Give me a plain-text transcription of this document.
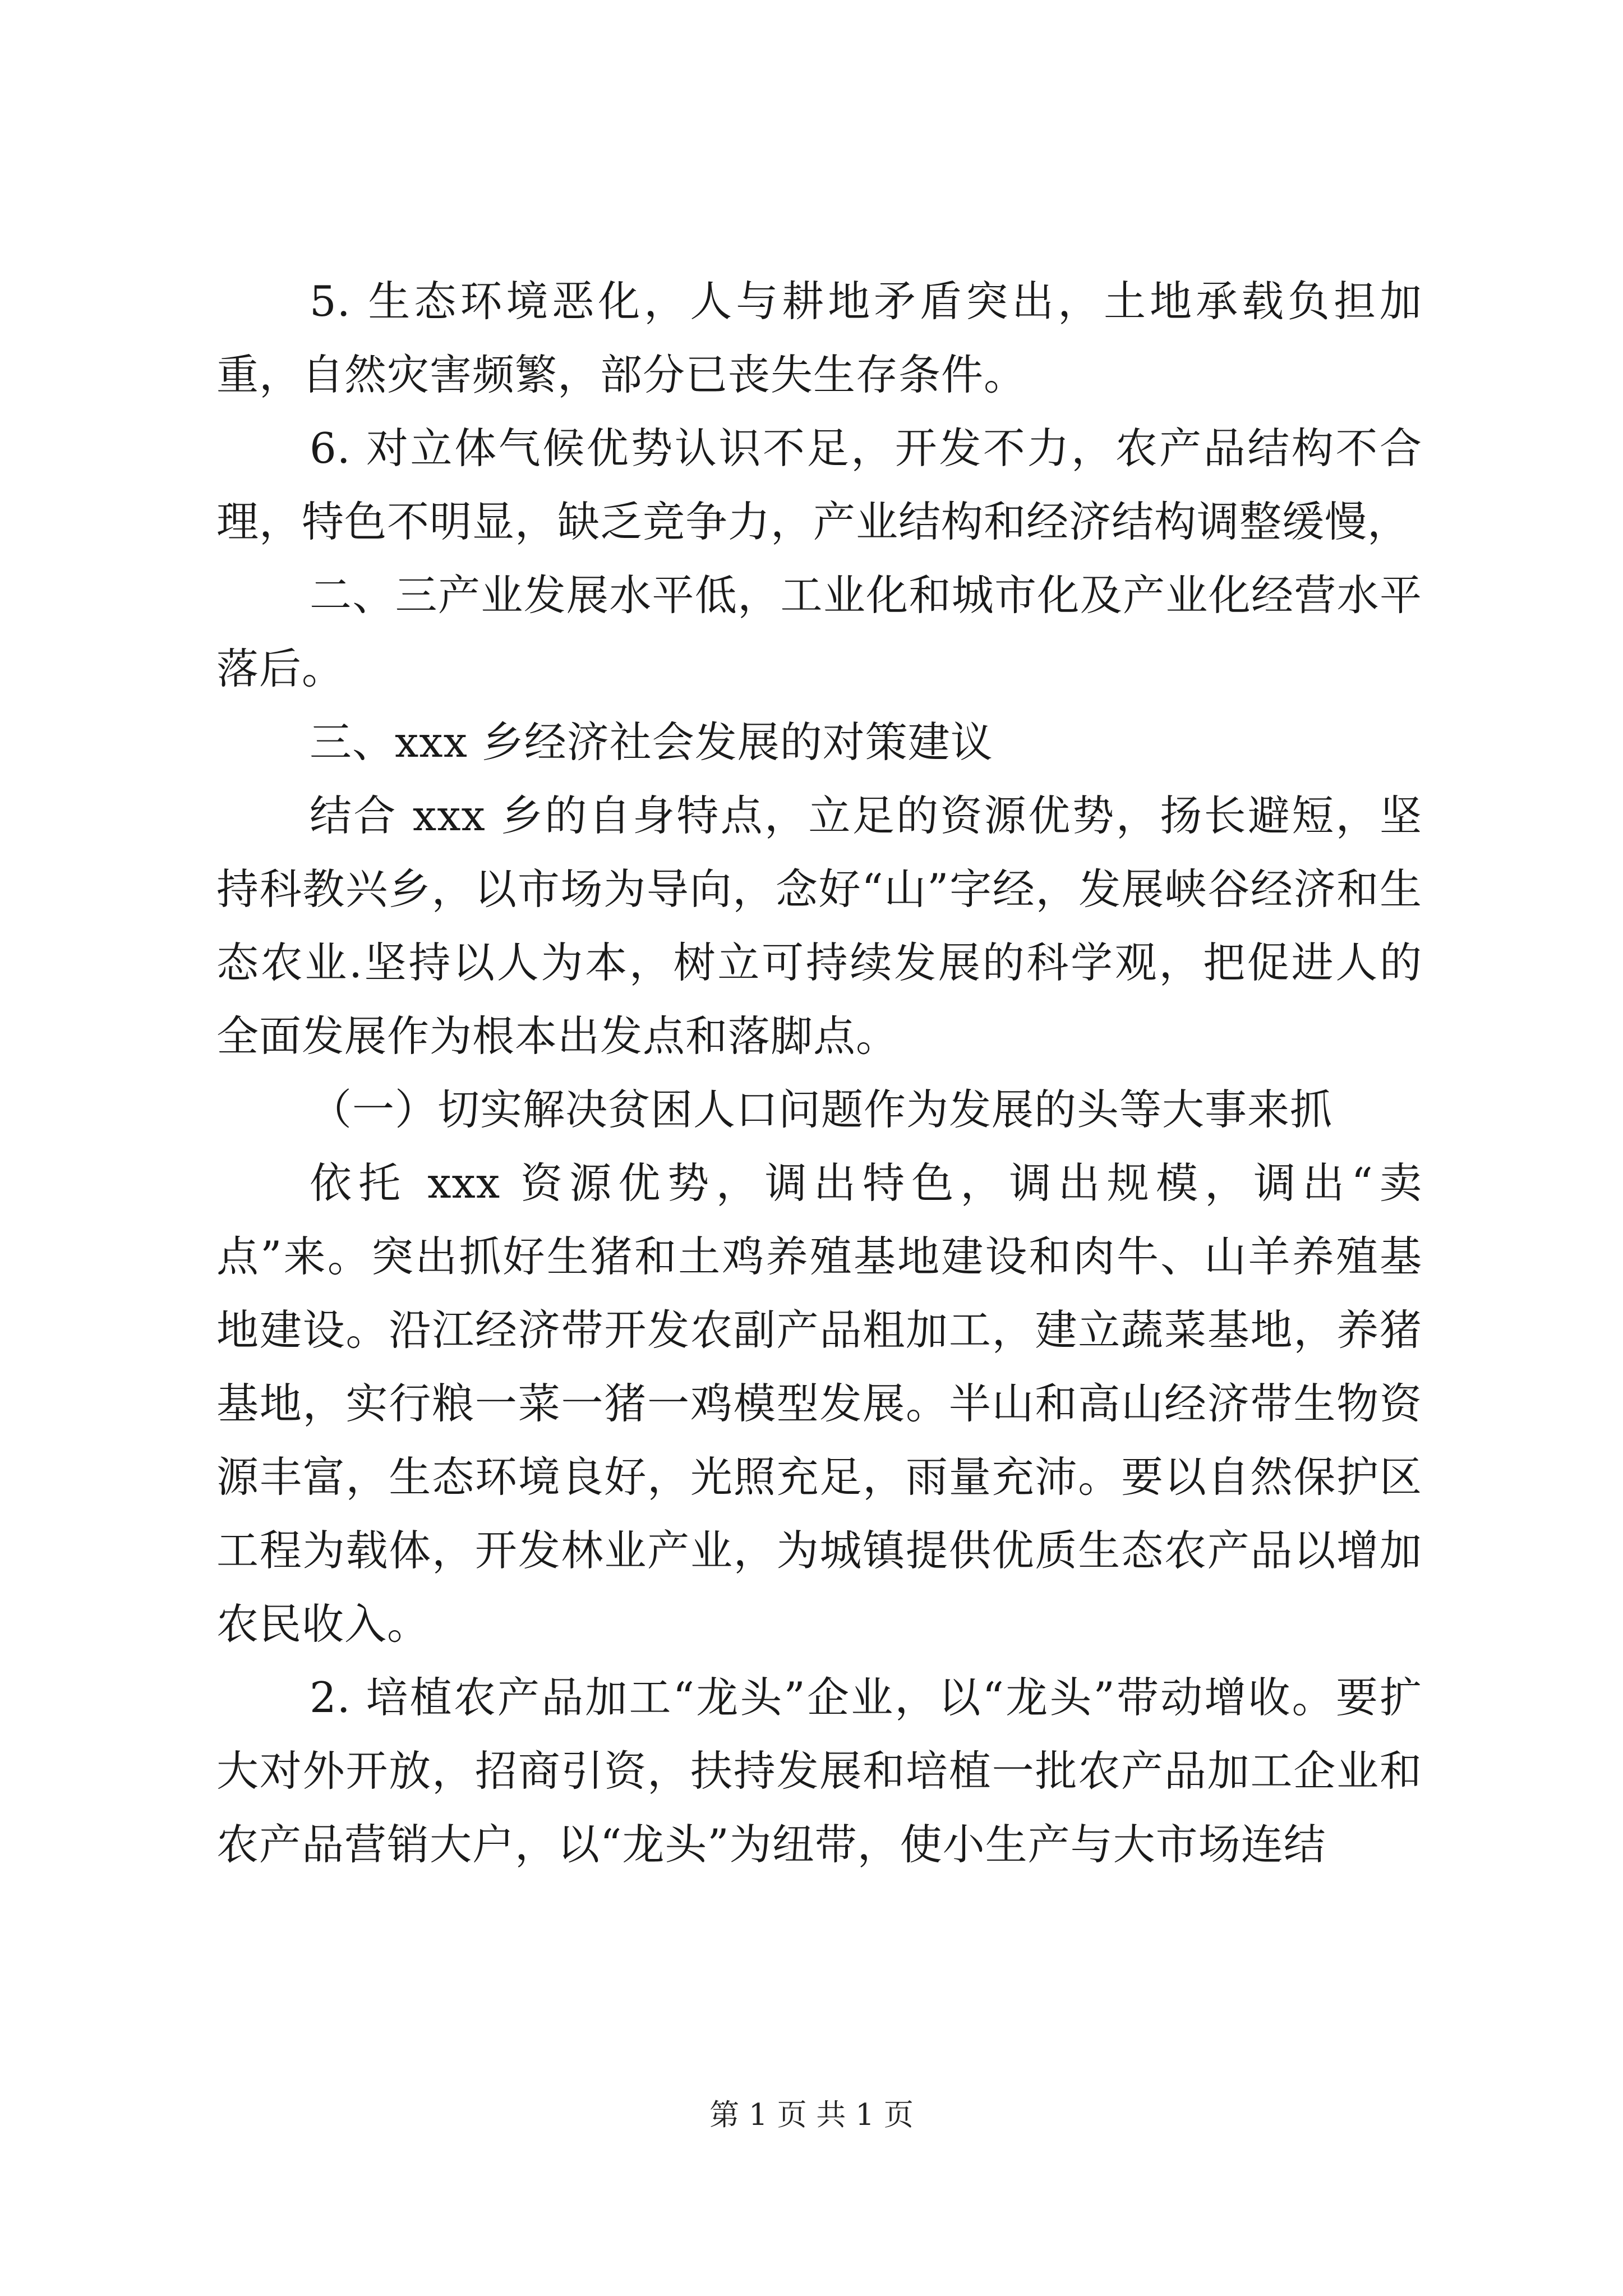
5. 生态环境恶化，人与耕地矛盾突出，土地承载负担加重，自然灾害频繁，部分已丧失生存条件。

6. 对立体气候优势认识不足，开发不力，农产品结构不合理，特色不明显，缺乏竞争力，产业结构和经济结构调整缓慢，

二、三产业发展水平低，工业化和城市化及产业化经营水平落后。

三、xxx 乡经济社会发展的对策建议

结合 xxx 乡的自身特点，立足的资源优势，扬长避短，坚持科教兴乡，以市场为导向，念好“山”字经，发展峡谷经济和生态农业.坚持以人为本，树立可持续发展的科学观，把促进人的全面发展作为根本出发点和落脚点。

（一）切实解决贫困人口问题作为发展的头等大事来抓

依托 xxx 资源优势，调出特色，调出规模，调出“卖点”来。突出抓好生猪和土鸡养殖基地建设和肉牛、山羊养殖基地建设。沿江经济带开发农副产品粗加工，建立蔬菜基地，养猪基地，实行粮一菜一猪一鸡模型发展。半山和高山经济带生物资源丰富，生态环境良好，光照充足，雨量充沛。要以自然保护区工程为载体，开发林业产业，为城镇提供优质生态农产品以增加农民收入。

2. 培植农产品加工“龙头”企业，以“龙头”带动增收。要扩大对外开放，招商引资，扶持发展和培植一批农产品加工企业和农产品营销大户，以“龙头”为纽带，使小生产与大市场连结

第 1 页 共 1 页
